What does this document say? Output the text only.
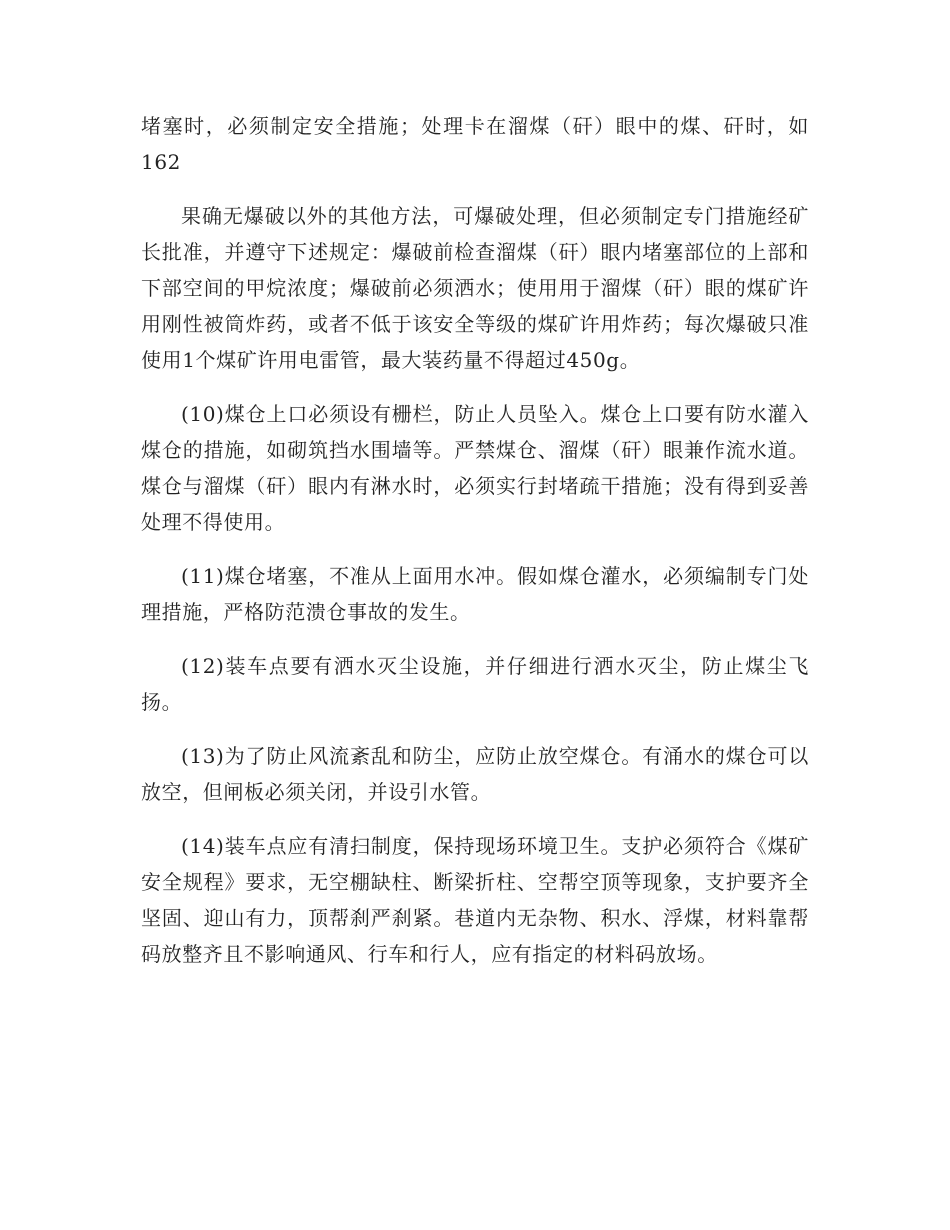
堵塞时，必须制定安全措施；处理卡在溜煤（矸）眼中的煤、矸时，如162

果确无爆破以外的其他方法，可爆破处理，但必须制定专门措施经矿长批准，并遵守下述规定：爆破前检查溜煤（矸）眼内堵塞部位的上部和下部空间的甲烷浓度；爆破前必须洒水；使用用于溜煤（矸）眼的煤矿许用刚性被筒炸药，或者不低于该安全等级的煤矿许用炸药；每次爆破只准使用1个煤矿许用电雷管，最大装药量不得超过450g。

(10)煤仓上口必须设有栅栏，防止人员坠入。煤仓上口要有防水灌入煤仓的措施，如砌筑挡水围墙等。严禁煤仓、溜煤（矸）眼兼作流水道。煤仓与溜煤（矸）眼内有淋水时，必须实行封堵疏干措施；没有得到妥善处理不得使用。

(11)煤仓堵塞，不准从上面用水冲。假如煤仓灌水，必须编制专门处理措施，严格防范溃仓事故的发生。

(12)装车点要有洒水灭尘设施，并仔细进行洒水灭尘，防止煤尘飞扬。

(13)为了防止风流紊乱和防尘，应防止放空煤仓。有涌水的煤仓可以放空，但闸板必须关闭，并设引水管。

(14)装车点应有清扫制度，保持现场环境卫生。支护必须符合《煤矿安全规程》要求，无空棚缺柱、断梁折柱、空帮空顶等现象，支护要齐全坚固、迎山有力，顶帮刹严刹紧。巷道内无杂物、积水、浮煤，材料靠帮码放整齐且不影响通风、行车和行人，应有指定的材料码放场。
